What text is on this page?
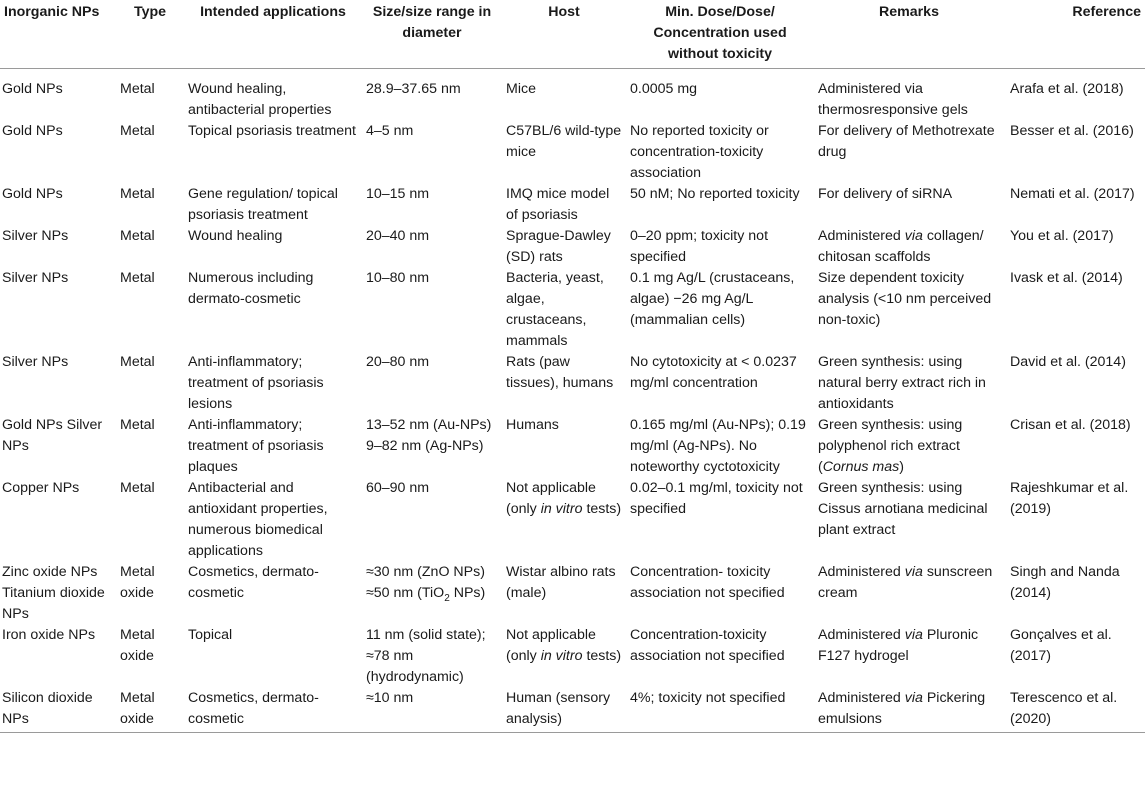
Inorganic NPs	Type	Intended applications	Size/size range in diameter	Host	Min. Dose/Dose/ Concentration used without toxicity	Remarks	Reference
Gold NPs	Metal	Wound healing, antibacterial properties	28.9–37.65 nm	Mice	0.0005 mg	Administered via thermosresponsive gels	Arafa et al. (2018)
Gold NPs	Metal	Topical psoriasis treatment	4–5 nm	C57BL/6 wild-type mice	No reported toxicity or concentration-toxicity association	For delivery of Methotrexate drug	Besser et al. (2016)
Gold NPs	Metal	Gene regulation/ topical psoriasis treatment	10–15 nm	IMQ mice model of psoriasis	50 nM; No reported toxicity	For delivery of siRNA	Nemati et al. (2017)
Silver NPs	Metal	Wound healing	20–40 nm	Sprague-Dawley (SD) rats	0–20 ppm; toxicity not specified	Administered via collagen/ chitosan scaffolds	You et al. (2017)
Silver NPs	Metal	Numerous including dermato-cosmetic	10–80 nm	Bacteria, yeast, algae, crustaceans, mammals	0.1 mg Ag/L (crustaceans, algae) −26 mg Ag/L (mammalian cells)	Size dependent toxicity analysis (<10 nm perceived non-toxic)	Ivask et al. (2014)
Silver NPs	Metal	Anti-inflammatory; treatment of psoriasis lesions	20–80 nm	Rats (paw tissues), humans	No cytotoxicity at < 0.0237 mg/ml concentration	Green synthesis: using natural berry extract rich in antioxidants	David et al. (2014)
Gold NPs Silver NPs	Metal	Anti-inflammatory; treatment of psoriasis plaques	13–52 nm (Au-NPs) 9–82 nm (Ag-NPs)	Humans	0.165 mg/ml (Au-NPs); 0.19 mg/ml (Ag-NPs). No noteworthy cyctotoxicity	Green synthesis: using polyphenol rich extract (Cornus mas)	Crisan et al. (2018)
Copper NPs	Metal	Antibacterial and antioxidant properties, numerous biomedical applications	60–90 nm	Not applicable (only in vitro tests)	0.02–0.1 mg/ml, toxicity not specified	Green synthesis: using Cissus arnotiana medicinal plant extract	Rajeshkumar et al. (2019)
Zinc oxide NPs Titanium dioxide NPs	Metal oxide	Cosmetics, dermato-cosmetic	≈30 nm (ZnO NPs) ≈50 nm (TiO$_2$ NPs)	Wistar albino rats (male)	Concentration- toxicity association not specified	Administered via sunscreen cream	Singh and Nanda (2014)
Iron oxide NPs	Metal oxide	Topical	11 nm (solid state); ≈78 nm (hydrodynamic)	Not applicable (only in vitro tests)	Concentration-toxicity association not specified	Administered via Pluronic F127 hydrogel	Gonçalves et al. (2017)
Silicon dioxide NPs	Metal oxide	Cosmetics, dermato-cosmetic	≈10 nm	Human (sensory analysis)	4%; toxicity not specified	Administered via Pickering emulsions	Terescenco et al. (2020)
